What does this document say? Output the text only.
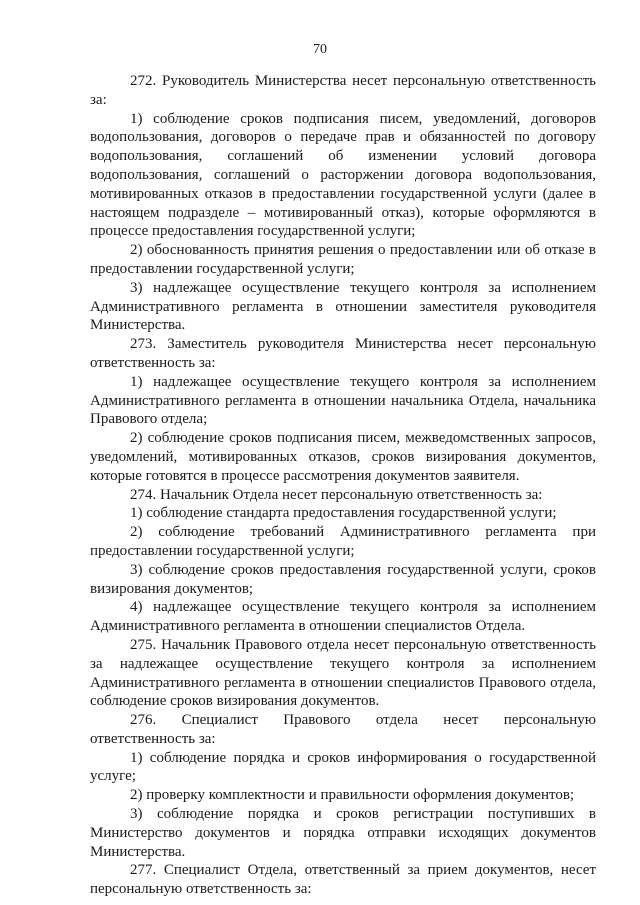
70

272. Руководитель Министерства несет персональную ответственность за:

1) соблюдение сроков подписания писем, уведомлений, договоров водопользования, договоров о передаче прав и обязанностей по договору водопользования, соглашений об изменении условий договора водопользования, соглашений о расторжении договора водопользования, мотивированных отказов в предоставлении государственной услуги (далее в настоящем подразделе – мотивированный отказ), которые оформляются в процессе предоставления государственной услуги;

2) обоснованность принятия решения о предоставлении или об отказе в предоставлении государственной услуги;

3) надлежащее осуществление текущего контроля за исполнением Административного регламента в отношении заместителя руководителя Министерства.

273. Заместитель руководителя Министерства несет персональную ответственность за:

1) надлежащее осуществление текущего контроля за исполнением Административного регламента в отношении начальника Отдела, начальника Правового отдела;

2) соблюдение сроков подписания писем, межведомственных запросов, уведомлений, мотивированных отказов, сроков визирования документов, которые готовятся в процессе рассмотрения документов заявителя.

274. Начальник Отдела несет персональную ответственность за:

1) соблюдение стандарта предоставления государственной услуги;

2) соблюдение требований Административного регламента при предоставлении государственной услуги;

3) соблюдение сроков предоставления государственной услуги, сроков визирования документов;

4) надлежащее осуществление текущего контроля за исполнением Административного регламента в отношении специалистов Отдела.

275. Начальник Правового отдела несет персональную ответственность за надлежащее осуществление текущего контроля за исполнением Административного регламента в отношении специалистов Правового отдела, соблюдение сроков визирования документов.

276. Специалист Правового отдела несет персональную ответственность за:

1) соблюдение порядка и сроков информирования о государственной услуге;

2) проверку комплектности и правильности оформления документов;

3) соблюдение порядка и сроков регистрации поступивших в Министерство документов и порядка отправки исходящих документов Министерства.

277. Специалист Отдела, ответственный за прием документов, несет персональную ответственность за:
